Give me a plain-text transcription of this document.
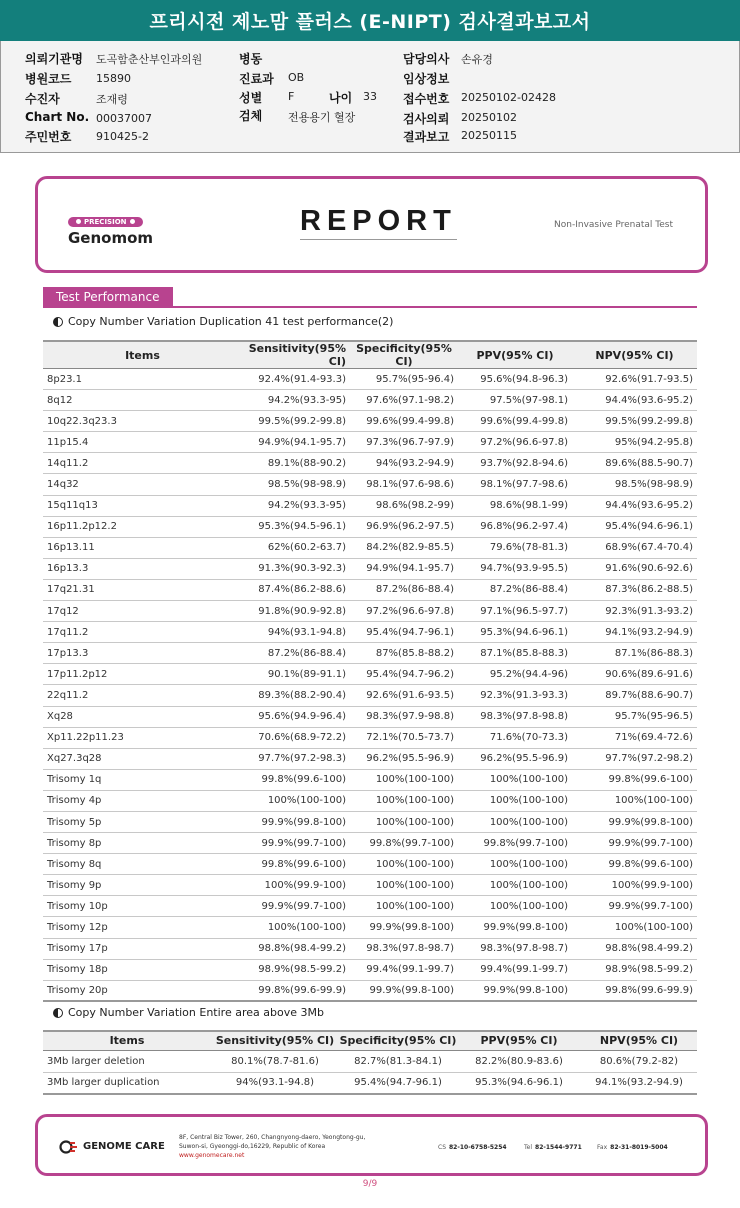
프리시전 제노맘 플러스 (E-NIPT) 검사결과보고서
의뢰기관명 도곡함춘산부인과의원
병원코드 15890
수진자	조재령
Chart No. 00037007
주민번호 910425-2
병동
진료과 OB
성별 F
검체 전용용기 혈장
나이 33
담당의사 손유경
임상정보
접수번호 20250102-02428
검사의뢰 20250102
결과보고 20250115
PRECISION
Genomom
REPORT	Non-Invasive Prenatal Test
Test Performance
Copy Number Variation Duplication 41 test performance(2)
Items	Sensitivity(95% CI)	Specificity(95% CI)	PPV(95% CI)	NPV(95% CI)
8p23.1	92.4%(91.4-93.3)	95.7%(95-96.4)	95.6%(94.8-96.3)	92.6%(91.7-93.5)
8q12	94.2%(93.3-95)	97.6%(97.1-98.2)	97.5%(97-98.1)	94.4%(93.6-95.2)
10q22.3q23.3	99.5%(99.2-99.8)	99.6%(99.4-99.8)	99.6%(99.4-99.8)	99.5%(99.2-99.8)
11p15.4	94.9%(94.1-95.7)	97.3%(96.7-97.9)	97.2%(96.6-97.8)	95%(94.2-95.8)
14q11.2	89.1%(88-90.2)	94%(93.2-94.9)	93.7%(92.8-94.6)	89.6%(88.5-90.7)
14q32	98.5%(98-98.9)	98.1%(97.6-98.6)	98.1%(97.7-98.6)	98.5%(98-98.9)
15q11q13	94.2%(93.3-95)	98.6%(98.2-99)	98.6%(98.1-99)	94.4%(93.6-95.2)
16p11.2p12.2	95.3%(94.5-96.1)	96.9%(96.2-97.5)	96.8%(96.2-97.4)	95.4%(94.6-96.1)
16p13.11	62%(60.2-63.7)	84.2%(82.9-85.5)	79.6%(78-81.3)	68.9%(67.4-70.4)
16p13.3	91.3%(90.3-92.3)	94.9%(94.1-95.7)	94.7%(93.9-95.5)	91.6%(90.6-92.6)
17q21.31	87.4%(86.2-88.6)	87.2%(86-88.4)	87.2%(86-88.4)	87.3%(86.2-88.5)
17q12	91.8%(90.9-92.8)	97.2%(96.6-97.8)	97.1%(96.5-97.7)	92.3%(91.3-93.2)
17q11.2	94%(93.1-94.8)	95.4%(94.7-96.1)	95.3%(94.6-96.1)	94.1%(93.2-94.9)
17p13.3	87.2%(86-88.4)	87%(85.8-88.2)	87.1%(85.8-88.3)	87.1%(86-88.3)
17p11.2p12	90.1%(89-91.1)	95.4%(94.7-96.2)	95.2%(94.4-96)	90.6%(89.6-91.6)
22q11.2	89.3%(88.2-90.4)	92.6%(91.6-93.5)	92.3%(91.3-93.3)	89.7%(88.6-90.7)
Xq28	95.6%(94.9-96.4)	98.3%(97.9-98.8)	98.3%(97.8-98.8)	95.7%(95-96.5)
Xp11.22p11.23	70.6%(68.9-72.2)	72.1%(70.5-73.7)	71.6%(70-73.3)	71%(69.4-72.6)
Xq27.3q28	97.7%(97.2-98.3)	96.2%(95.5-96.9)	96.2%(95.5-96.9)	97.7%(97.2-98.2)
Trisomy 1q	99.8%(99.6-100)	100%(100-100)	100%(100-100)	99.8%(99.6-100)
Trisomy 4p	100%(100-100)	100%(100-100)	100%(100-100)	100%(100-100)
Trisomy 5p	99.9%(99.8-100)	100%(100-100)	100%(100-100)	99.9%(99.8-100)
Trisomy 8p	99.9%(99.7-100)	99.8%(99.7-100)	99.8%(99.7-100)	99.9%(99.7-100)
Trisomy 8q	99.8%(99.6-100)	100%(100-100)	100%(100-100)	99.8%(99.6-100)
Trisomy 9p	100%(99.9-100)	100%(100-100)	100%(100-100)	100%(99.9-100)
Trisomy 10p	99.9%(99.7-100)	100%(100-100)	100%(100-100)	99.9%(99.7-100)
Trisomy 12p	100%(100-100)	99.9%(99.8-100)	99.9%(99.8-100)	100%(100-100)
Trisomy 17p	98.8%(98.4-99.2)	98.3%(97.8-98.7)	98.3%(97.8-98.7)	98.8%(98.4-99.2)
Trisomy 18p	98.9%(98.5-99.2)	99.4%(99.1-99.7)	99.4%(99.1-99.7)	98.9%(98.5-99.2)
Trisomy 20p	99.8%(99.6-99.9)	99.9%(99.8-100)	99.9%(99.8-100)	99.8%(99.6-99.9)
Copy Number Variation Entire area above 3Mb
Items	Sensitivity(95% CI)	Specificity(95% CI)	PPV(95% CI)	NPV(95% CI)
3Mb larger deletion	80.1%(78.7-81.6)	82.7%(81.3-84.1)	82.2%(80.9-83.6)	80.6%(79.2-82)
3Mb larger duplication	94%(93.1-94.8)	95.4%(94.7-96.1)	95.3%(94.6-96.1)	94.1%(93.2-94.9)
GENOME CARE
8F, Central Biz Tower, 260, Changnyong-daero, Yeongtong-gu,
Suwon-si, Gyeonggi-do,16229, Republic of Korea
www.genomecare.net
CS 82-10-6758-5254	Tel 82-1544-9771	Fax 82-31-8019-5004
9/9
